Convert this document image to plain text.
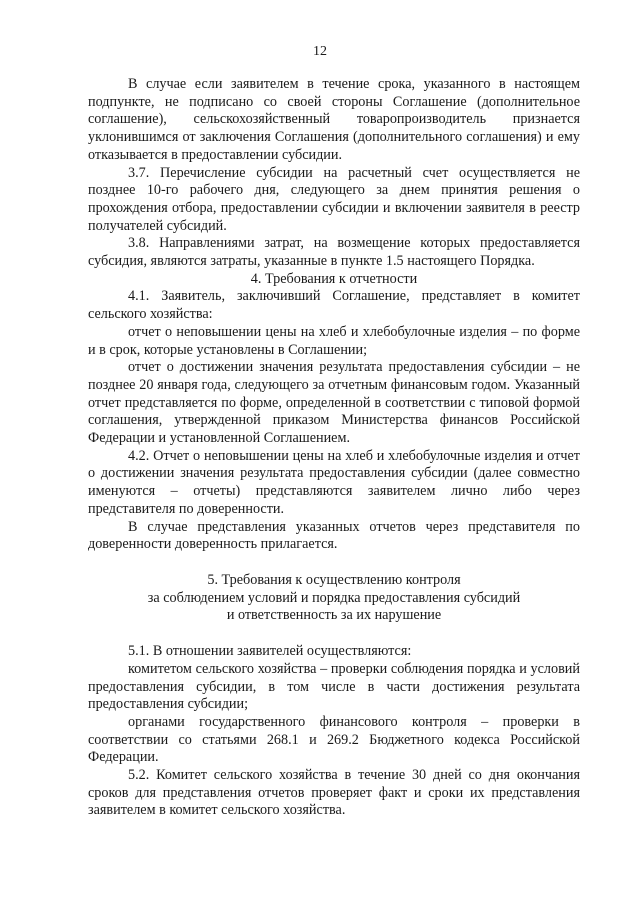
12

В случае если заявителем в течение срока, указанного в настоящем подпункте, не подписано со своей стороны Соглашение (дополнительное соглашение), сельскохозяйственный товаропроизводитель признается уклонившимся от заключения Соглашения (дополнительного соглашения) и ему отказывается в предоставлении субсидии.

3.7. Перечисление субсидии на расчетный счет осуществляется не позднее 10-го рабочего дня, следующего за днем принятия решения о прохождения отбора, предоставлении субсидии и включении заявителя в реестр получателей субсидий.

3.8. Направлениями затрат, на возмещение которых предоставляется субсидия, являются затраты, указанные в пункте 1.5 настоящего Порядка.

4. Требования к отчетности

4.1. Заявитель, заключивший Соглашение, представляет в комитет сельского хозяйства:

отчет о неповышении цены на хлеб и хлебобулочные изделия – по форме и в срок, которые установлены в Соглашении;

отчет о достижении значения результата предоставления субсидии – не позднее 20 января года, следующего за отчетным финансовым годом. Указанный отчет представляется по форме, определенной в соответствии с типовой формой соглашения, утвержденной приказом Министерства финансов Российской Федерации и установленной Соглашением.

4.2. Отчет о неповышении цены на хлеб и хлебобулочные изделия и отчет о достижении значения результата предоставления субсидии (далее совместно именуются – отчеты) представляются заявителем лично либо через представителя по доверенности.

В случае представления указанных отчетов через представителя по доверенности доверенность прилагается.

5. Требования к осуществлению контроля
за соблюдением условий и порядка предоставления субсидий
и ответственность за их нарушение

5.1. В отношении заявителей осуществляются:

комитетом сельского хозяйства – проверки соблюдения порядка и условий предоставления субсидии, в том числе в части достижения результата предоставления субсидии;

органами государственного финансового контроля – проверки в соответствии со статьями 268.1 и 269.2 Бюджетного кодекса Российской Федерации.

5.2. Комитет сельского хозяйства в течение 30 дней со дня окончания сроков для представления отчетов проверяет факт и сроки их представления заявителем в комитет сельского хозяйства.
